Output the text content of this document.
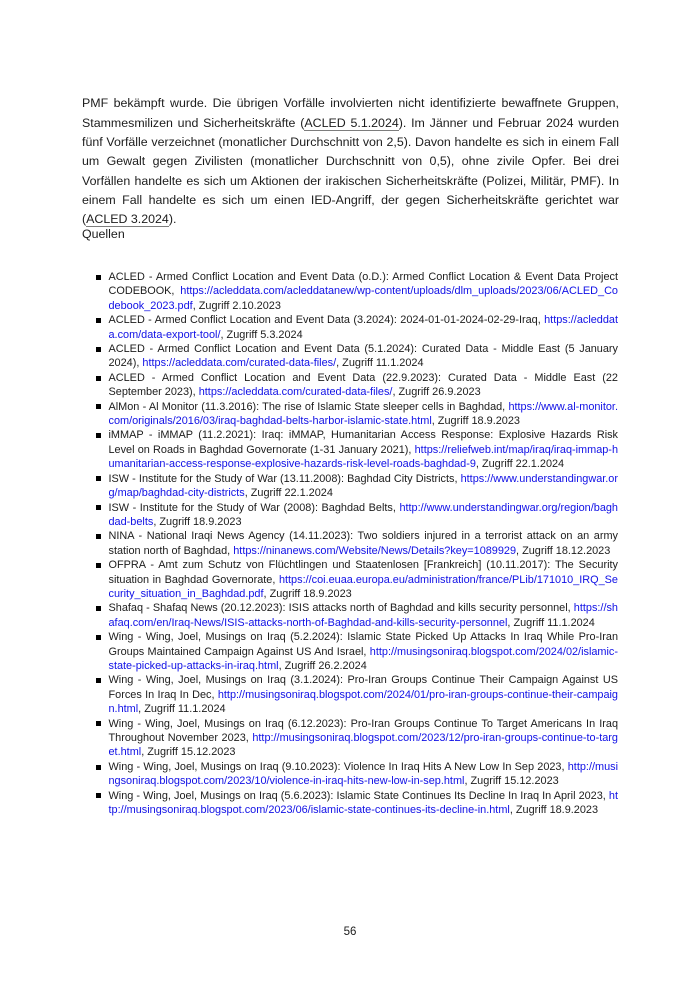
PMF bekämpft wurde. Die übrigen Vorfälle involvierten nicht identifizierte bewaffnete Gruppen, Stammesmilizen und Sicherheitskräfte (ACLED 5.1.2024). Im Jänner und Februar 2024 wurden fünf Vorfälle verzeichnet (monatlicher Durchschnitt von 2,5). Davon handelte es sich in einem Fall um Gewalt gegen Zivilisten (monatlicher Durchschnitt von 0,5), ohne zivile Opfer. Bei drei Vorfällen handelte es sich um Aktionen der irakischen Sicherheitskräfte (Polizei, Militär, PMF). In einem Fall handelte es sich um einen IED-Angriff, der gegen Sicherheitskräfte gerichtet war (ACLED 3.2024).

Quellen
ACLED - Armed Conflict Location and Event Data (o.D.): Armed Conflict Location & Event Data Project CODEBOOK, https://acleddata.com/acleddatanew/wp-content/uploads/dlm_uploads/2023/06/ACLED_Codebook_2023.pdf, Zugriff 2.10.2023
ACLED - Armed Conflict Location and Event Data (3.2024): 2024-01-01-2024-02-29-Iraq, https://acleddata.com/data-export-tool/, Zugriff 5.3.2024
ACLED - Armed Conflict Location and Event Data (5.1.2024): Curated Data - Middle East (5 January 2024), https://acleddata.com/curated-data-files/, Zugriff 11.1.2024
ACLED - Armed Conflict Location and Event Data (22.9.2023): Curated Data - Middle East (22 September 2023), https://acleddata.com/curated-data-files/, Zugriff 26.9.2023
AlMon - Al Monitor (11.3.2016): The rise of Islamic State sleeper cells in Baghdad, https://www.al-monitor.com/originals/2016/03/iraq-baghdad-belts-harbor-islamic-state.html, Zugriff 18.9.2023
iMMAP - iMMAP (11.2.2021): Iraq: iMMAP, Humanitarian Access Response: Explosive Hazards Risk Level on Roads in Baghdad Governorate (1-31 January 2021), https://reliefweb.int/map/iraq/iraq-immap-humanitarian-access-response-explosive-hazards-risk-level-roads-baghdad-9, Zugriff 22.1.2024
ISW - Institute for the Study of War (13.11.2008): Baghdad City Districts, https://www.understandingwar.org/map/baghdad-city-districts, Zugriff 22.1.2024
ISW - Institute for the Study of War (2008): Baghdad Belts, http://www.understandingwar.org/region/baghdad-belts, Zugriff 18.9.2023
NINA - National Iraqi News Agency (14.11.2023): Two soldiers injured in a terrorist attack on an army station north of Baghdad, https://ninanews.com/Website/News/Details?key=1089929, Zugriff 18.12.2023
OFPRA - Amt zum Schutz von Flüchtlingen und Staatenlosen [Frankreich] (10.11.2017): The Security situation in Baghdad Governorate, https://coi.euaa.europa.eu/administration/france/PLib/171010_IRQ_Security_situation_in_Baghdad.pdf, Zugriff 18.9.2023
Shafaq - Shafaq News (20.12.2023): ISIS attacks north of Baghdad and kills security personnel, https://shafaq.com/en/Iraq-News/ISIS-attacks-north-of-Baghdad-and-kills-security-personnel, Zugriff 11.1.2024
Wing - Wing, Joel, Musings on Iraq (5.2.2024): Islamic State Picked Up Attacks In Iraq While Pro-Iran Groups Maintained Campaign Against US And Israel, http://musingsoniraq.blogspot.com/2024/02/islamic-state-picked-up-attacks-in-iraq.html, Zugriff 26.2.2024
Wing - Wing, Joel, Musings on Iraq (3.1.2024): Pro-Iran Groups Continue Their Campaign Against US Forces In Iraq In Dec, http://musingsoniraq.blogspot.com/2024/01/pro-iran-groups-continue-their-campaign.html, Zugriff 11.1.2024
Wing - Wing, Joel, Musings on Iraq (6.12.2023): Pro-Iran Groups Continue To Target Americans In Iraq Throughout November 2023, http://musingsoniraq.blogspot.com/2023/12/pro-iran-groups-continue-to-target.html, Zugriff 15.12.2023
Wing - Wing, Joel, Musings on Iraq (9.10.2023): Violence In Iraq Hits A New Low In Sep 2023, http://musingsoniraq.blogspot.com/2023/10/violence-in-iraq-hits-new-low-in-sep.html, Zugriff 15.12.2023
Wing - Wing, Joel, Musings on Iraq (5.6.2023): Islamic State Continues Its Decline In Iraq In April 2023, http://musingsoniraq.blogspot.com/2023/06/islamic-state-continues-its-decline-in.html, Zugriff 18.9.2023
56
